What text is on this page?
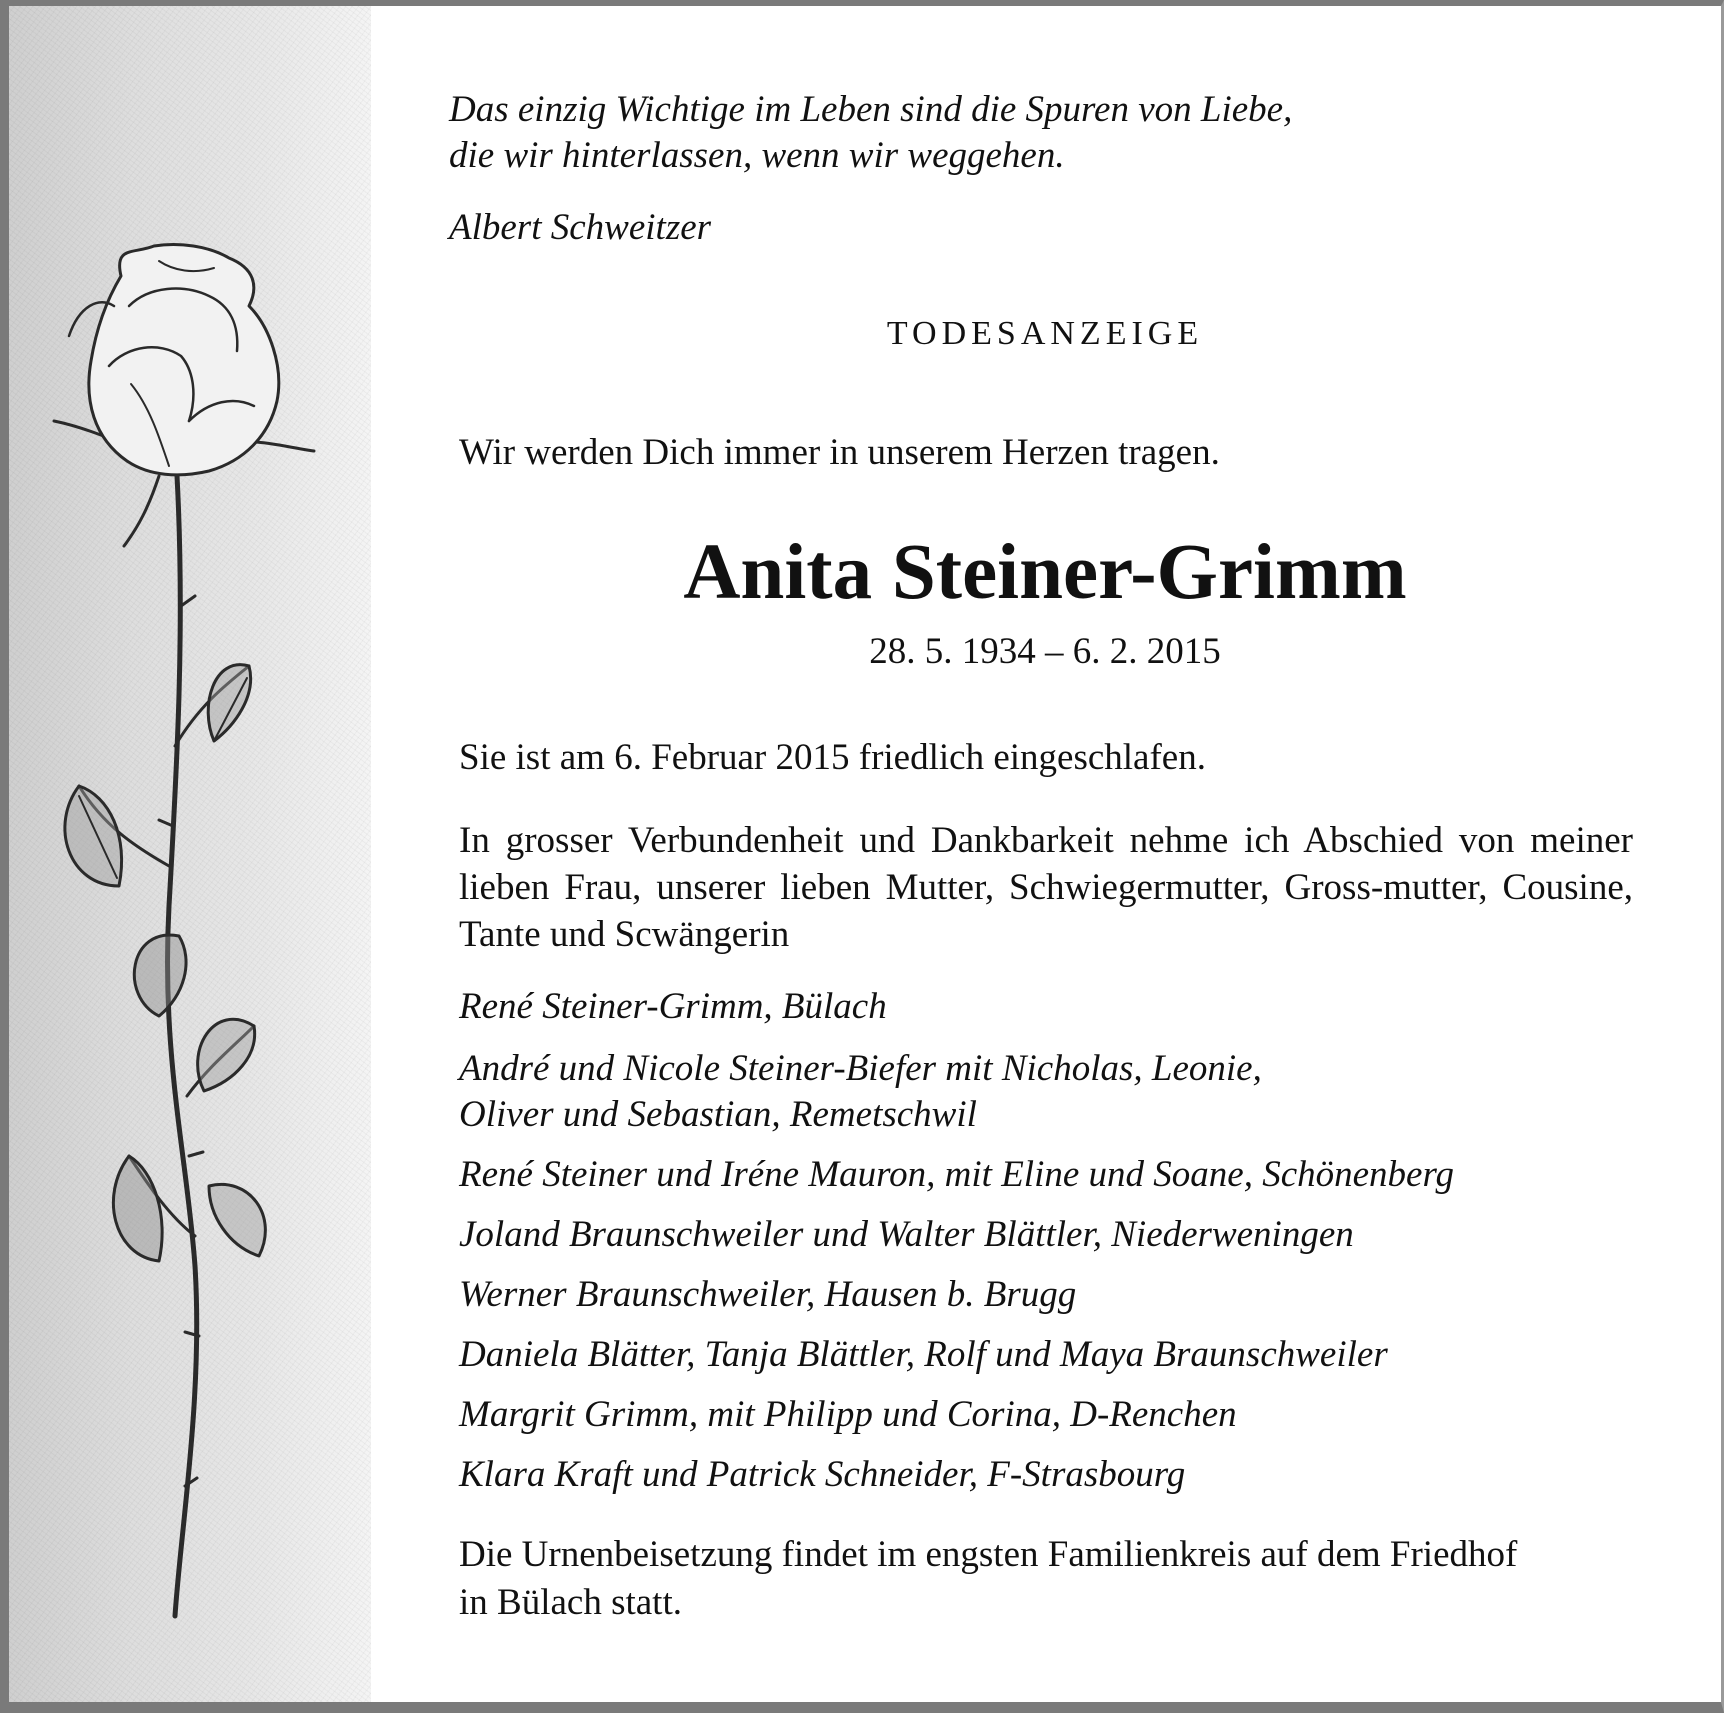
Das einzig Wichtige im Leben sind die Spuren von Liebe,

die wir hinterlassen, wenn wir weggehen.

Albert Schweitzer

TODESANZEIGE

Wir werden Dich immer in unserem Herzen tragen.

Anita Steiner-Grimm

28. 5. 1934 – 6. 2. 2015

Sie ist am 6. Februar 2015 friedlich eingeschlafen.

In grosser Verbundenheit und Dankbarkeit nehme ich Abschied von meiner lieben Frau, unserer lieben Mutter, Schwiegermutter, Gross-mutter, Cousine, Tante und Scwängerin

René Steiner-Grimm, Bülach

André und Nicole Steiner-Biefer mit Nicholas, Leonie,

Oliver und Sebastian, Remetschwil

René Steiner und Iréne Mauron, mit Eline und Soane, Schönenberg

Joland Braunschweiler und Walter Blättler, Niederweningen

Werner Braunschweiler, Hausen b. Brugg

Daniela Blätter, Tanja Blättler, Rolf und Maya Braunschweiler

Margrit Grimm, mit Philipp und Corina, D-Renchen

Klara Kraft und Patrick Schneider, F-Strasbourg

Die Urnenbeisetzung findet im engsten Familienkreis auf dem Friedhof

in Bülach statt.
